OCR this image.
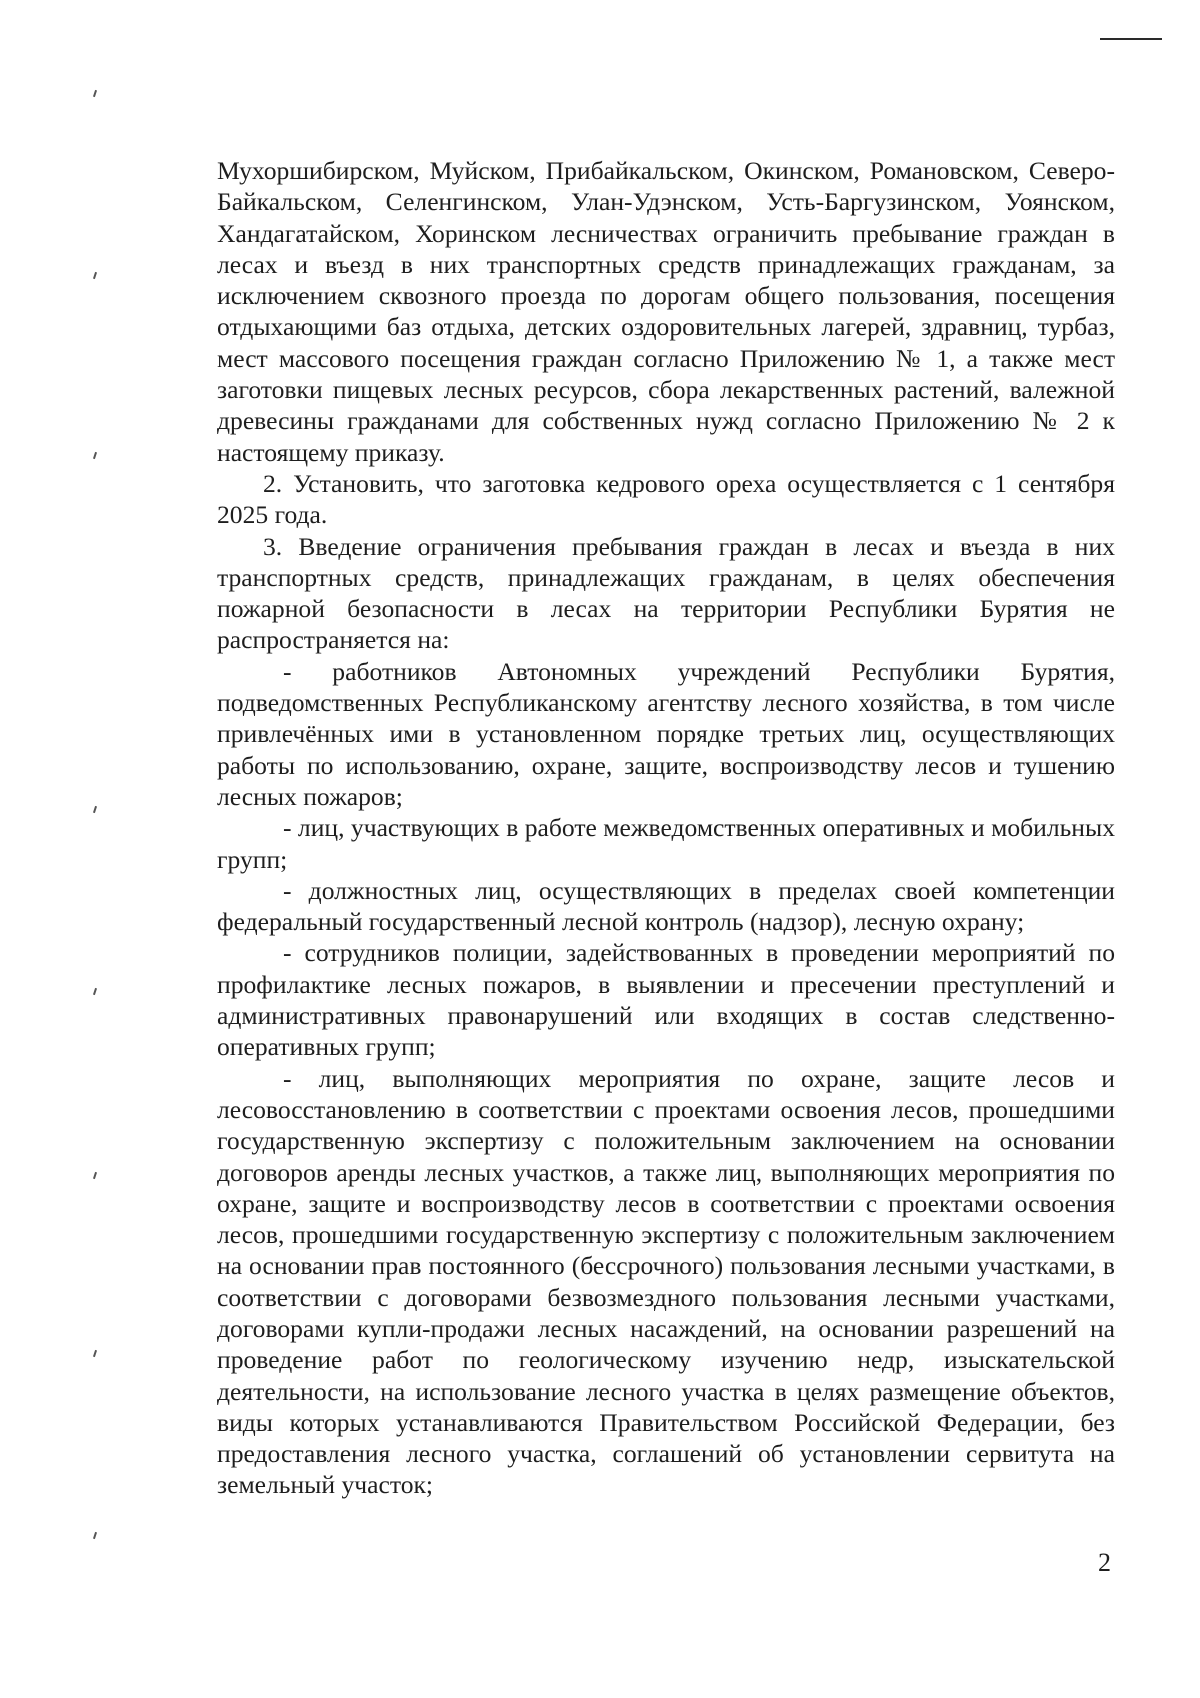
Мухоршибирском, Муйском, Прибайкальском, Окинском, Романовском, Северо-Байкальском, Селенгинском, Улан-Удэнском, Усть-Баргузинском, Уоянском, Хандагатайском, Хоринском лесничествах ограничить пребывание граждан в лесах и въезд в них транспортных средств принадлежащих гражданам, за исключением сквозного проезда по дорогам общего пользования, посещения отдыхающими баз отдыха, детских оздоровительных лагерей, здравниц, турбаз, мест массового посещения граждан согласно Приложению № 1, а также мест заготовки пищевых лесных ресурсов, сбора лекарственных растений, валежной древесины гражданами для собственных нужд согласно Приложению № 2 к настоящему приказу.

2. Установить, что заготовка кедрового ореха осуществляется с 1 сентября 2025 года.

3. Введение ограничения пребывания граждан в лесах и въезда в них транспортных средств, принадлежащих гражданам, в целях обеспечения пожарной безопасности в лесах на территории Республики Бурятия не распространяется на:

- работников Автономных учреждений Республики Бурятия, подведомственных Республиканскому агентству лесного хозяйства, в том числе привлечённых ими в установленном порядке третьих лиц, осуществляющих работы по использованию, охране, защите, воспроизводству лесов и тушению лесных пожаров;

- лиц, участвующих в работе межведомственных оперативных и мобильных групп;

- должностных лиц, осуществляющих в пределах своей компетенции федеральный государственный лесной контроль (надзор), лесную охрану;

- сотрудников полиции, задействованных в проведении мероприятий по профилактике лесных пожаров, в выявлении и пресечении преступлений и административных правонарушений или входящих в состав следственно-оперативных групп;

- лиц, выполняющих мероприятия по охране, защите лесов и лесовосстановлению в соответствии с проектами освоения лесов, прошедшими государственную экспертизу с положительным заключением на основании договоров аренды лесных участков, а также лиц, выполняющих мероприятия по охране, защите и воспроизводству лесов в соответствии с проектами освоения лесов, прошедшими государственную экспертизу с положительным заключением на основании прав постоянного (бессрочного) пользования лесными участками, в соответствии с договорами безвозмездного пользования лесными участками, договорами купли-продажи лесных насаждений, на основании разрешений на проведение работ по геологическому изучению недр, изыскательской деятельности, на использование лесного участка в целях размещение объектов, виды которых устанавливаются Правительством Российской Федерации, без предоставления лесного участка, соглашений об установлении сервитута на земельный участок;

2
